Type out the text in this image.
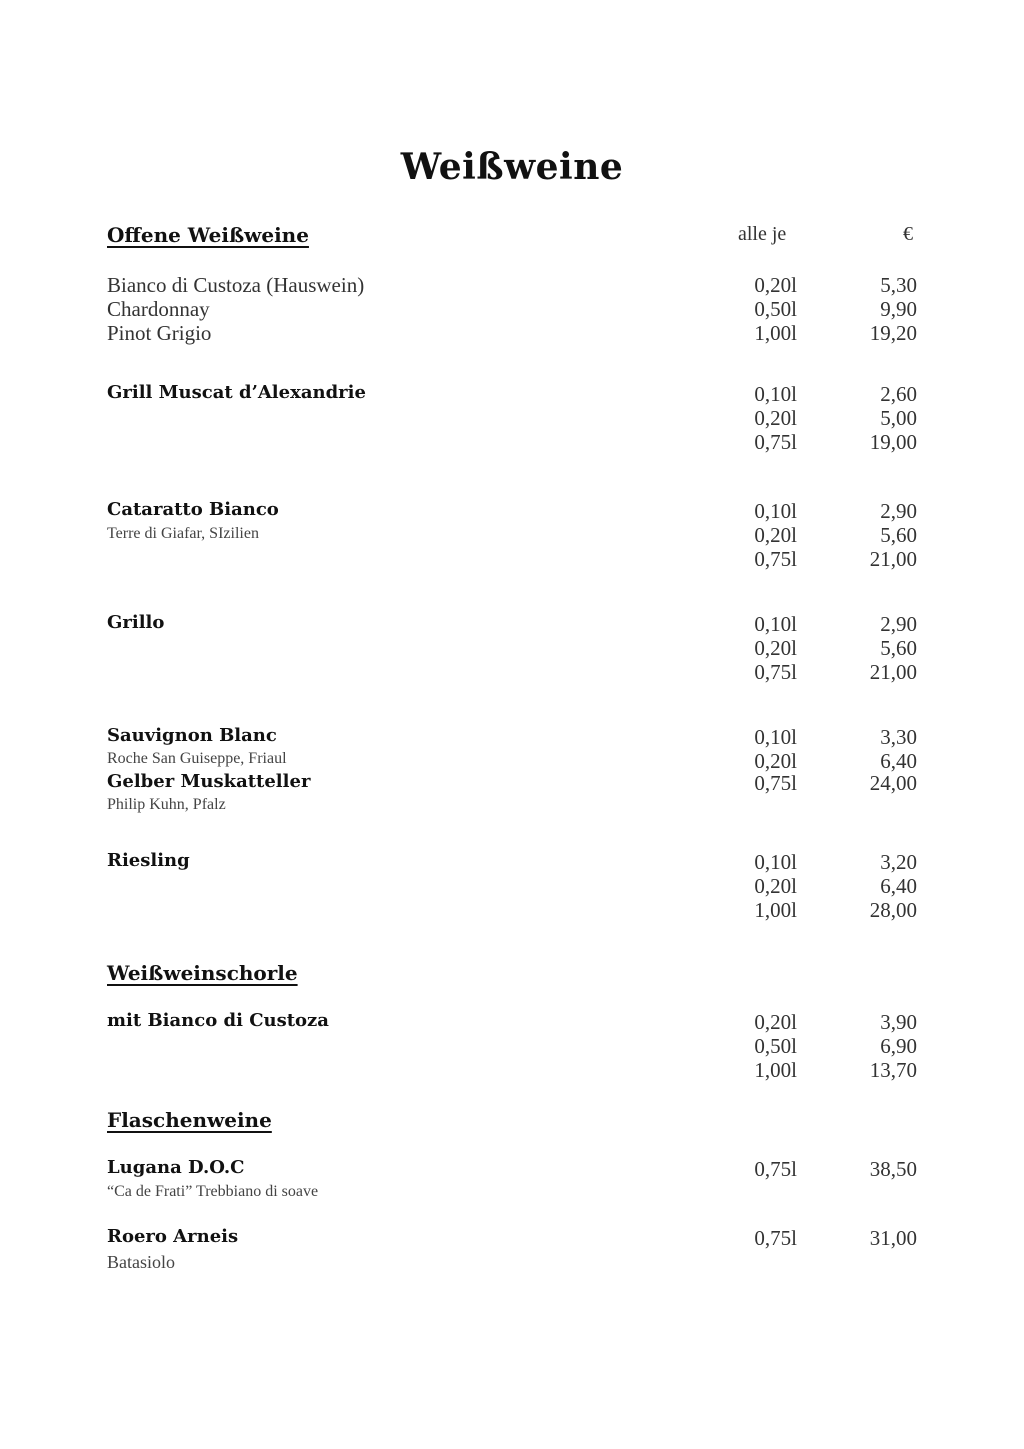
Weißweine
Offene Weißweine	alle je	€
Bianco di Custoza (Hauswein)	0,20l	5,30
Chardonnay	0,50l	9,90
Pinot Grigio	1,00l	19,20
Grill Muscat d’Alexandrie	0,10l	2,60
0,20l	5,00
0,75l	19,00
Cataratto Bianco	0,10l	2,90
Terre di Giafar, SIzilien	0,20l	5,60
0,75l	21,00
Grillo	0,10l	2,90
0,20l	5,60
0,75l	21,00
Sauvignon Blanc	0,10l	3,30
Roche San Guiseppe, Friaul	0,20l	6,40
Gelber Muskatteller	0,75l	24,00
Philip Kuhn, Pfalz
Riesling	0,10l	3,20
0,20l	6,40
1,00l	28,00
Weißweinschorle
mit Bianco di Custoza	0,20l	3,90
0,50l	6,90
1,00l	13,70
Flaschenweine
Lugana D.O.C	0,75l	38,50
“Ca de Frati” Trebbiano di soave
Roero Arneis	0,75l	31,00
Batasiolo
